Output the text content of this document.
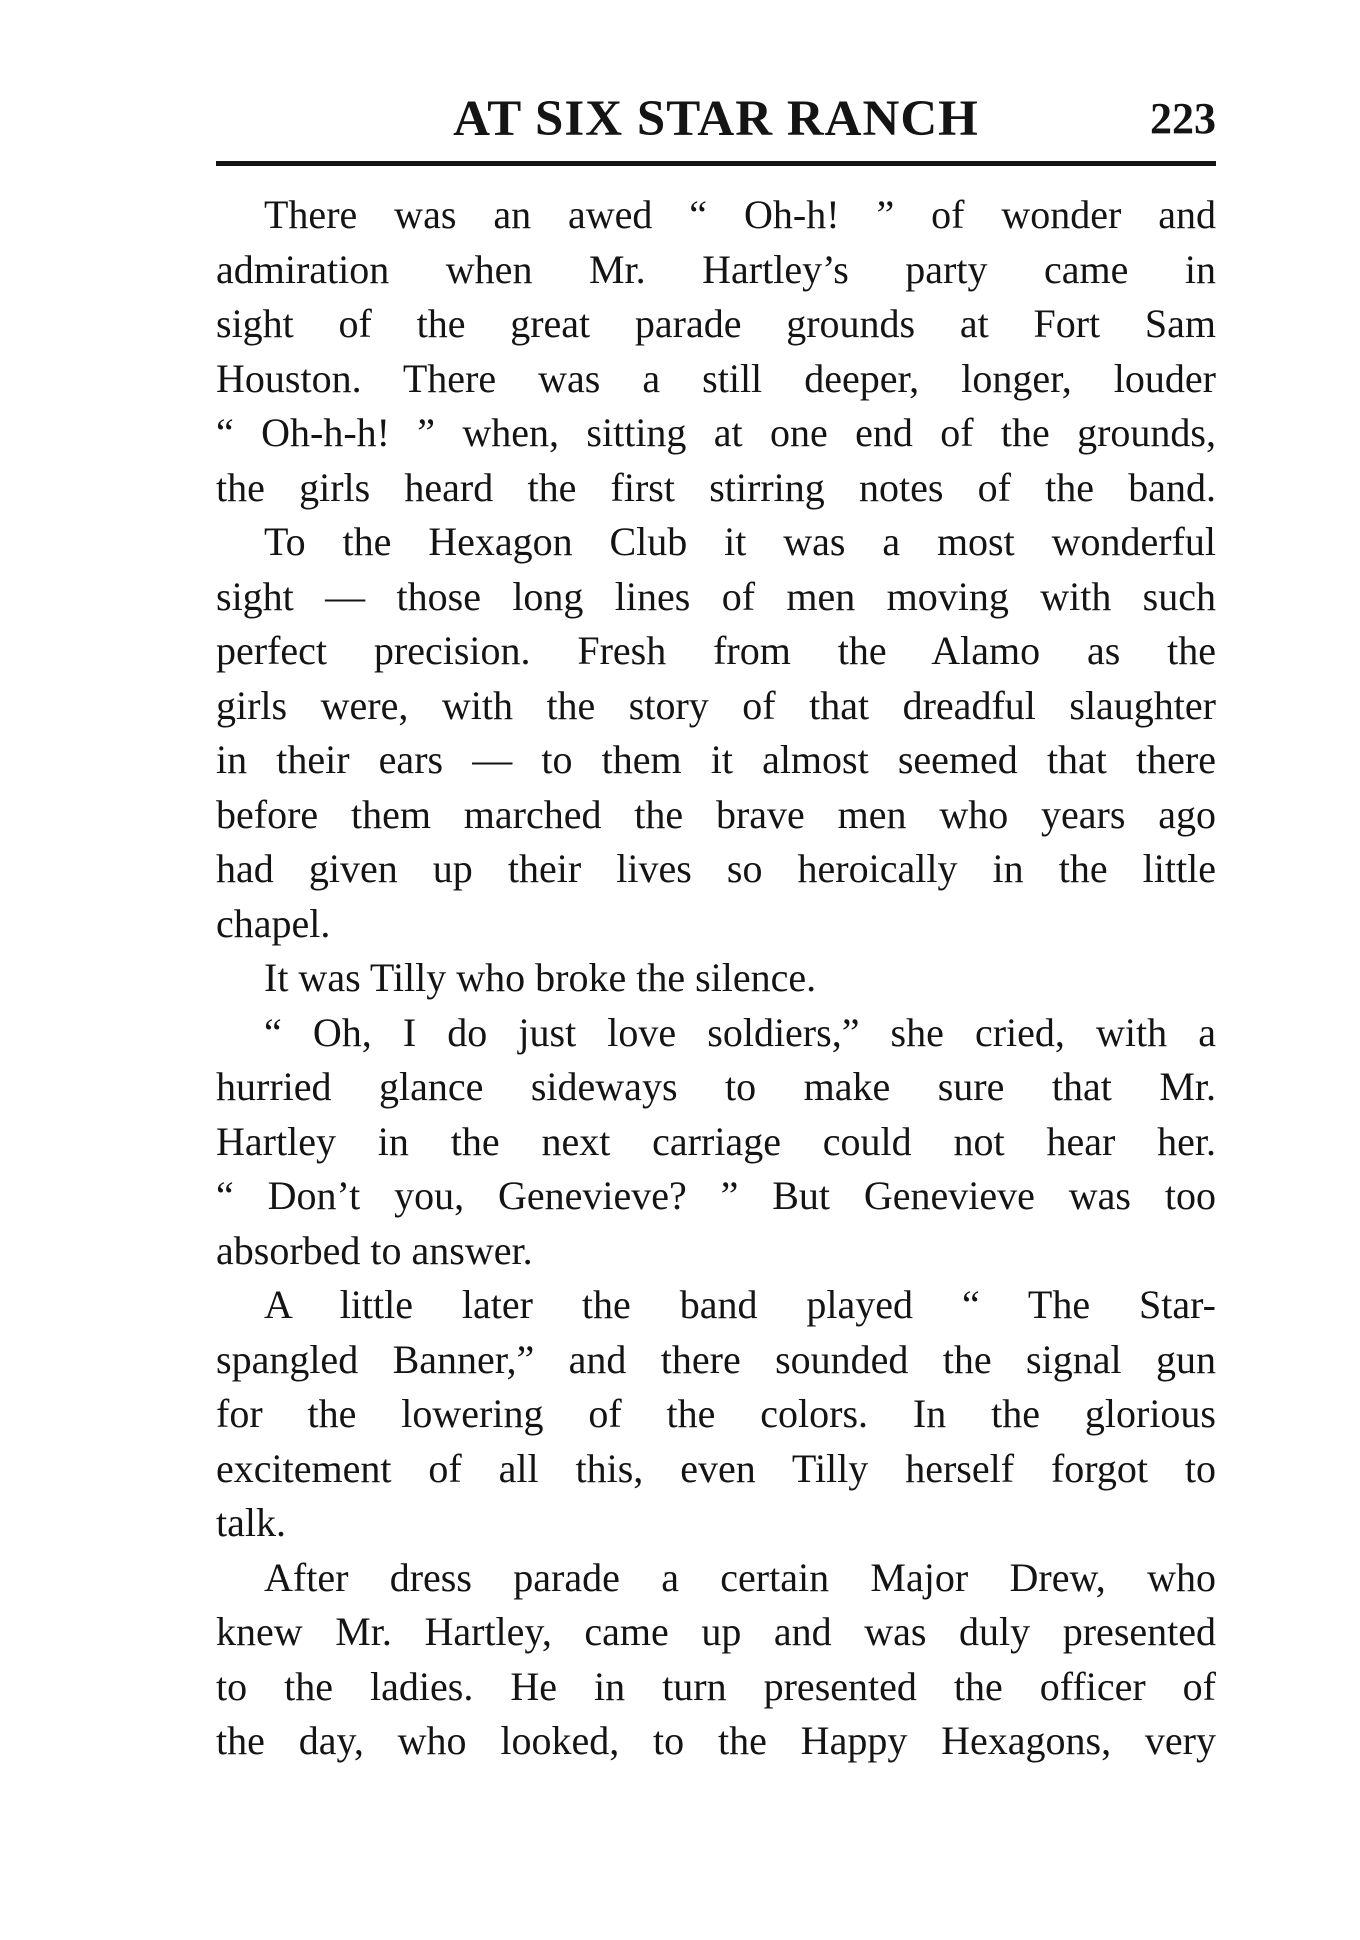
AT SIX STAR RANCH	223
There was an awed “ Oh-h! ” of wonder and
admiration when Mr. Hartley’s party came in
sight of the great parade grounds at Fort Sam
Houston. There was a still deeper, longer, louder
“ Oh-h-h! ” when, sitting at one end of the grounds,
the girls heard the first stirring notes of the band.
To the Hexagon Club it was a most wonderful
sight — those long lines of men moving with such
perfect precision. Fresh from the Alamo as the
girls were, with the story of that dreadful slaughter
in their ears — to them it almost seemed that there
before them marched the brave men who years ago
had given up their lives so heroically in the little
chapel.
It was Tilly who broke the silence.
“ Oh, I do just love soldiers,” she cried, with a
hurried glance sideways to make sure that Mr.
Hartley in the next carriage could not hear her.
“ Don’t you, Genevieve? ” But Genevieve was too
absorbed to answer.
A little later the band played “ The Star-
spangled Banner,” and there sounded the signal gun
for the lowering of the colors. In the glorious
excitement of all this, even Tilly herself forgot to
talk.
After dress parade a certain Major Drew, who
knew Mr. Hartley, came up and was duly presented
to the ladies. He in turn presented the officer of
the day, who looked, to the Happy Hexagons, very
